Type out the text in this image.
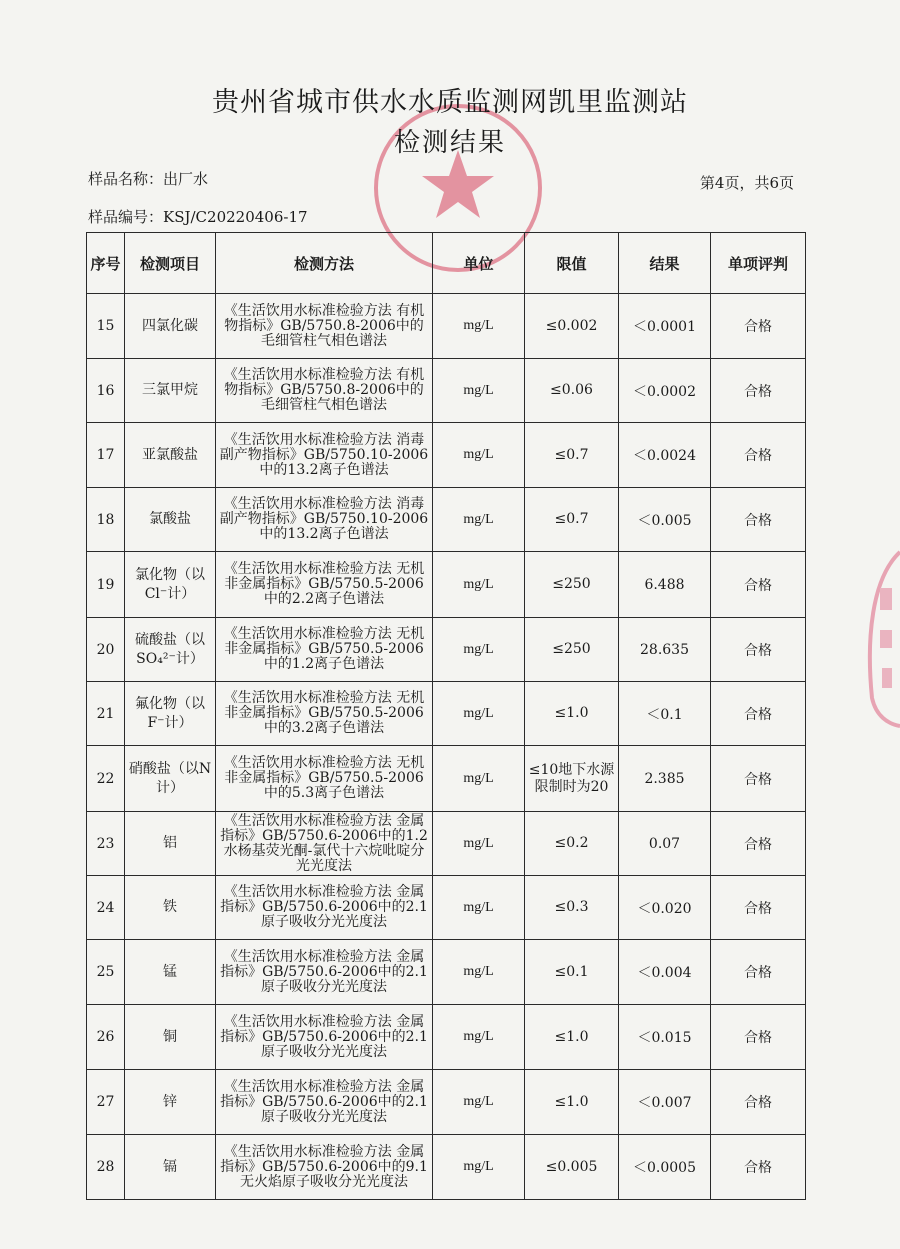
贵州省城市供水水质监测网凯里监测站
检测结果
样品名称：出厂水	第4页，共6页
样品编号：KSJ/C20220406-17
序号	检测项目	检测方法	单位	限值	结果	单项评判
15	四氯化碳	《生活饮用水标准检验方法 有机物指标》GB/5750.8-2006中的毛细管柱气相色谱法	mg/L	≤0.002	＜0.0001	合格
16	三氯甲烷	《生活饮用水标准检验方法 有机物指标》GB/5750.8-2006中的毛细管柱气相色谱法	mg/L	≤0.06	＜0.0002	合格
17	亚氯酸盐	《生活饮用水标准检验方法 消毒副产物指标》GB/5750.10-2006中的13.2离子色谱法	mg/L	≤0.7	＜0.0024	合格
18	氯酸盐	《生活饮用水标准检验方法 消毒副产物指标》GB/5750.10-2006中的13.2离子色谱法	mg/L	≤0.7	＜0.005	合格
19	氯化物（以Cl⁻计）	《生活饮用水标准检验方法 无机非金属指标》GB/5750.5-2006中的2.2离子色谱法	mg/L	≤250	6.488	合格
20	硫酸盐（以SO₄²⁻计）	《生活饮用水标准检验方法 无机非金属指标》GB/5750.5-2006中的1.2离子色谱法	mg/L	≤250	28.635	合格
21	氟化物（以F⁻计）	《生活饮用水标准检验方法 无机非金属指标》GB/5750.5-2006中的3.2离子色谱法	mg/L	≤1.0	＜0.1	合格
22	硝酸盐（以N计）	《生活饮用水标准检验方法 无机非金属指标》GB/5750.5-2006中的5.3离子色谱法	mg/L	≤10地下水源限制时为20	2.385	合格
23	铝	《生活饮用水标准检验方法 金属指标》GB/5750.6-2006中的1.2水杨基荧光酮-氯代十六烷吡啶分光光度法	mg/L	≤0.2	0.07	合格
24	铁	《生活饮用水标准检验方法 金属指标》GB/5750.6-2006中的2.1原子吸收分光光度法	mg/L	≤0.3	＜0.020	合格
25	锰	《生活饮用水标准检验方法 金属指标》GB/5750.6-2006中的2.1原子吸收分光光度法	mg/L	≤0.1	＜0.004	合格
26	铜	《生活饮用水标准检验方法 金属指标》GB/5750.6-2006中的2.1原子吸收分光光度法	mg/L	≤1.0	＜0.015	合格
27	锌	《生活饮用水标准检验方法 金属指标》GB/5750.6-2006中的2.1原子吸收分光光度法	mg/L	≤1.0	＜0.007	合格
28	镉	《生活饮用水标准检验方法 金属指标》GB/5750.6-2006中的9.1无火焰原子吸收分光光度法	mg/L	≤0.005	＜0.0005	合格
